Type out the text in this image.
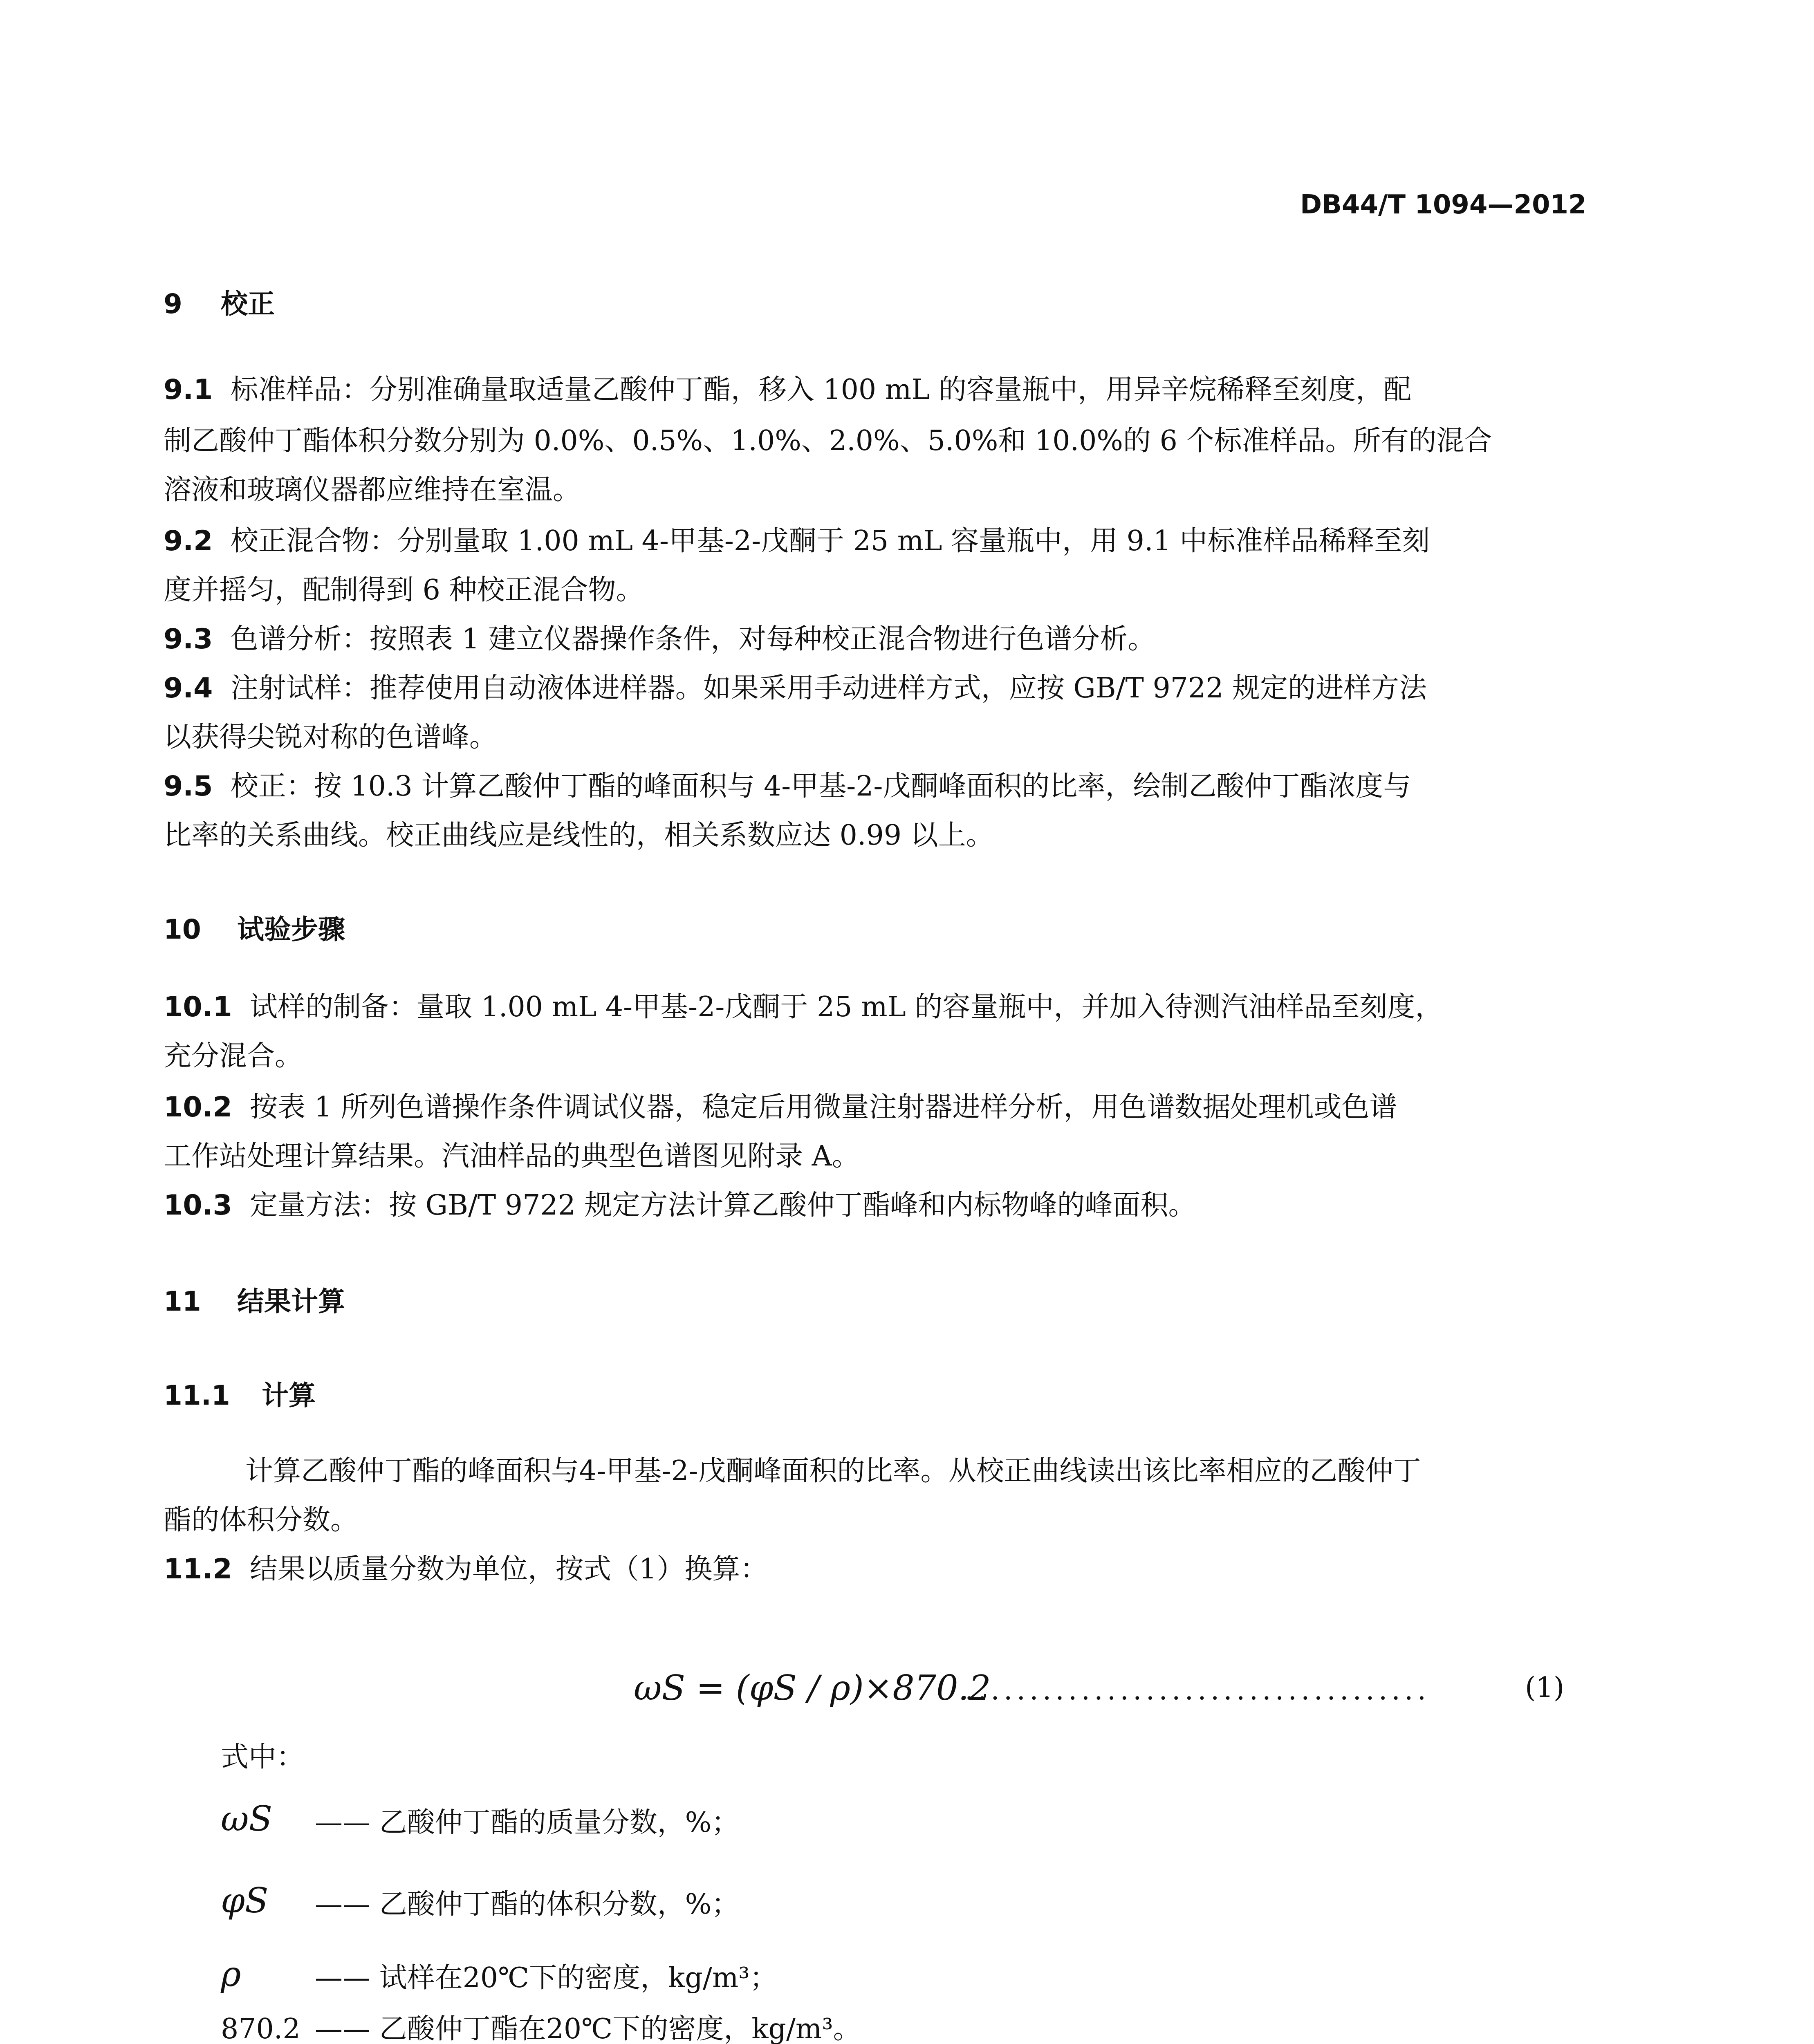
DB44/T 1094—2012
9 校正
9.1 标准样品：分别准确量取适量乙酸仲丁酯，移入 100 mL 的容量瓶中，用异辛烷稀释至刻度，配
制乙酸仲丁酯体积分数分别为 0.0%、0.5%、1.0%、2.0%、5.0%和 10.0%的 6 个标准样品。所有的混合
溶液和玻璃仪器都应维持在室温。
9.2 校正混合物：分别量取 1.00 mL 4-甲基-2-戊酮于 25 mL 容量瓶中，用 9.1 中标准样品稀释至刻
度并摇匀，配制得到 6 种校正混合物。
9.3 色谱分析：按照表 1 建立仪器操作条件，对每种校正混合物进行色谱分析。
9.4 注射试样：推荐使用自动液体进样器。如果采用手动进样方式，应按 GB/T 9722 规定的进样方法
以获得尖锐对称的色谱峰。
9.5 校正：按 10.3 计算乙酸仲丁酯的峰面积与 4-甲基-2-戊酮峰面积的比率，绘制乙酸仲丁酯浓度与
比率的关系曲线。校正曲线应是线性的，相关系数应达 0.99 以上。
10 试验步骤
10.1 试样的制备：量取 1.00 mL 4-甲基-2-戊酮于 25 mL 的容量瓶中，并加入待测汽油样品至刻度，
充分混合。
10.2 按表 1 所列色谱操作条件调试仪器，稳定后用微量注射器进样分析，用色谱数据处理机或色谱
工作站处理计算结果。汽油样品的典型色谱图见附录 A。
10.3 定量方法：按 GB/T 9722 规定方法计算乙酸仲丁酯峰和内标物峰的峰面积。
11 结果计算
11.1 计算
计算乙酸仲丁酯的峰面积与4-甲基-2-戊酮峰面积的比率。从校正曲线读出该比率相应的乙酸仲丁
酯的体积分数。
11.2 结果以质量分数为单位，按式（1）换算：
ωS = (φS / ρ)×870.2
....................................	(1)
式中：
ωS —— 乙酸仲丁酯的质量分数，%；
φS —— 乙酸仲丁酯的体积分数，%；
ρ	—— 试样在20℃下的密度，kg/m³；
870.2 —— 乙酸仲丁酯在20℃下的密度，kg/m³。
